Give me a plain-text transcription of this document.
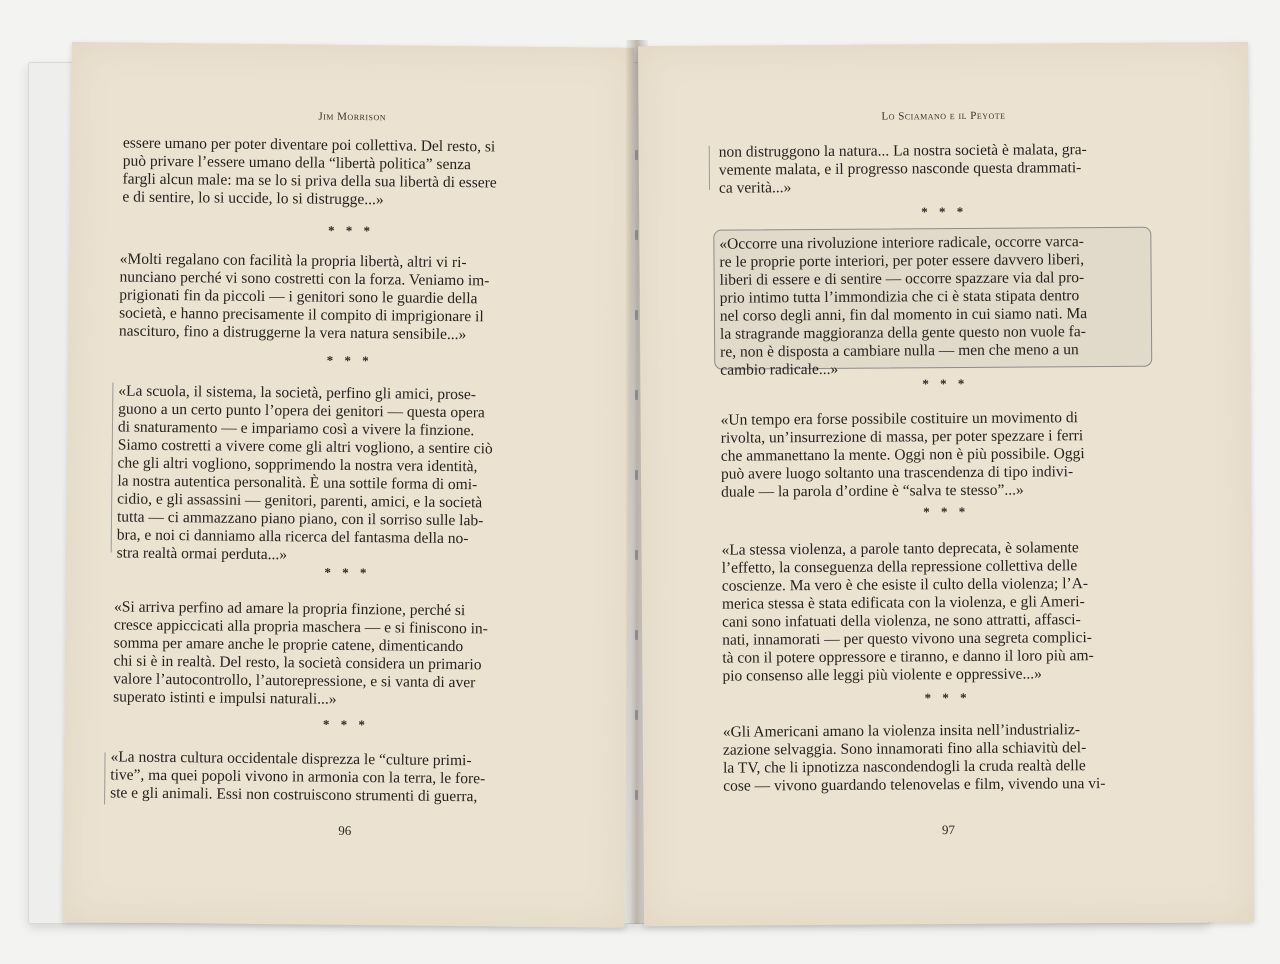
Jim Morrison
essere umano per poter diventare poi collettiva. Del resto, si
può privare l’essere umano della “libertà politica” senza
fargli alcun male: ma se lo si priva della sua libertà di essere
e di sentire, lo si uccide, lo si distrugge...»
* * *
«Molti regalano con facilità la propria libertà, altri vi ri-
nunciano perché vi sono costretti con la forza. Veniamo im-
prigionati fin da piccoli — i genitori sono le guardie della
società, e hanno precisamente il compito di imprigionare il
nascituro, fino a distruggerne la vera natura sensibile...»
* * *
«La scuola, il sistema, la società, perfino gli amici, prose-
guono a un certo punto l’opera dei genitori — questa opera
di snaturamento — e impariamo così a vivere la finzione.
Siamo costretti a vivere come gli altri vogliono, a sentire ciò
che gli altri vogliono, sopprimendo la nostra vera identità,
la nostra autentica personalità. È una sottile forma di omi-
cidio, e gli assassini — genitori, parenti, amici, e la società
tutta — ci ammazzano piano piano, con il sorriso sulle lab-
bra, e noi ci danniamo alla ricerca del fantasma della no-
stra realtà ormai perduta...»
* * *
«Si arriva perfino ad amare la propria finzione, perché si
cresce appiccicati alla propria maschera — e si finiscono in-
somma per amare anche le proprie catene, dimenticando
chi si è in realtà. Del resto, la società considera un primario
valore l’autocontrollo, l’autorepressione, e si vanta di aver
superato istinti e impulsi naturali...»
* * *
«La nostra cultura occidentale disprezza le “culture primi-
tive”, ma quei popoli vivono in armonia con la terra, le fore-
ste e gli animali. Essi non costruiscono strumenti di guerra,
96
Lo Sciamano e il Peyote
non distruggono la natura... La nostra società è malata, gra-
vemente malata, e il progresso nasconde questa drammati-
ca verità...»
* * *
«Occorre una rivoluzione interiore radicale, occorre varca-
re le proprie porte interiori, per poter essere davvero liberi,
liberi di essere e di sentire — occorre spazzare via dal pro-
prio intimo tutta l’immondizia che ci è stata stipata dentro
nel corso degli anni, fin dal momento in cui siamo nati. Ma
la stragrande maggioranza della gente questo non vuole fa-
re, non è disposta a cambiare nulla — men che meno a un
cambio radicale...»
* * *
«Un tempo era forse possibile costituire un movimento di
rivolta, un’insurrezione di massa, per poter spezzare i ferri
che ammanettano la mente. Oggi non è più possibile. Oggi
può avere luogo soltanto una trascendenza di tipo indivi-
duale — la parola d’ordine è “salva te stesso”...»
* * *
«La stessa violenza, a parole tanto deprecata, è solamente
l’effetto, la conseguenza della repressione collettiva delle
coscienze. Ma vero è che esiste il culto della violenza; l’A-
merica stessa è stata edificata con la violenza, e gli Ameri-
cani sono infatuati della violenza, ne sono attratti, affasci-
nati, innamorati — per questo vivono una segreta complici-
tà con il potere oppressore e tiranno, e danno il loro più am-
pio consenso alle leggi più violente e oppressive...»
* * *
«Gli Americani amano la violenza insita nell’industrializ-
zazione selvaggia. Sono innamorati fino alla schiavitù del-
la TV, che li ipnotizza nascondendogli la cruda realtà delle
cose — vivono guardando telenovelas e film, vivendo una vi-
97
